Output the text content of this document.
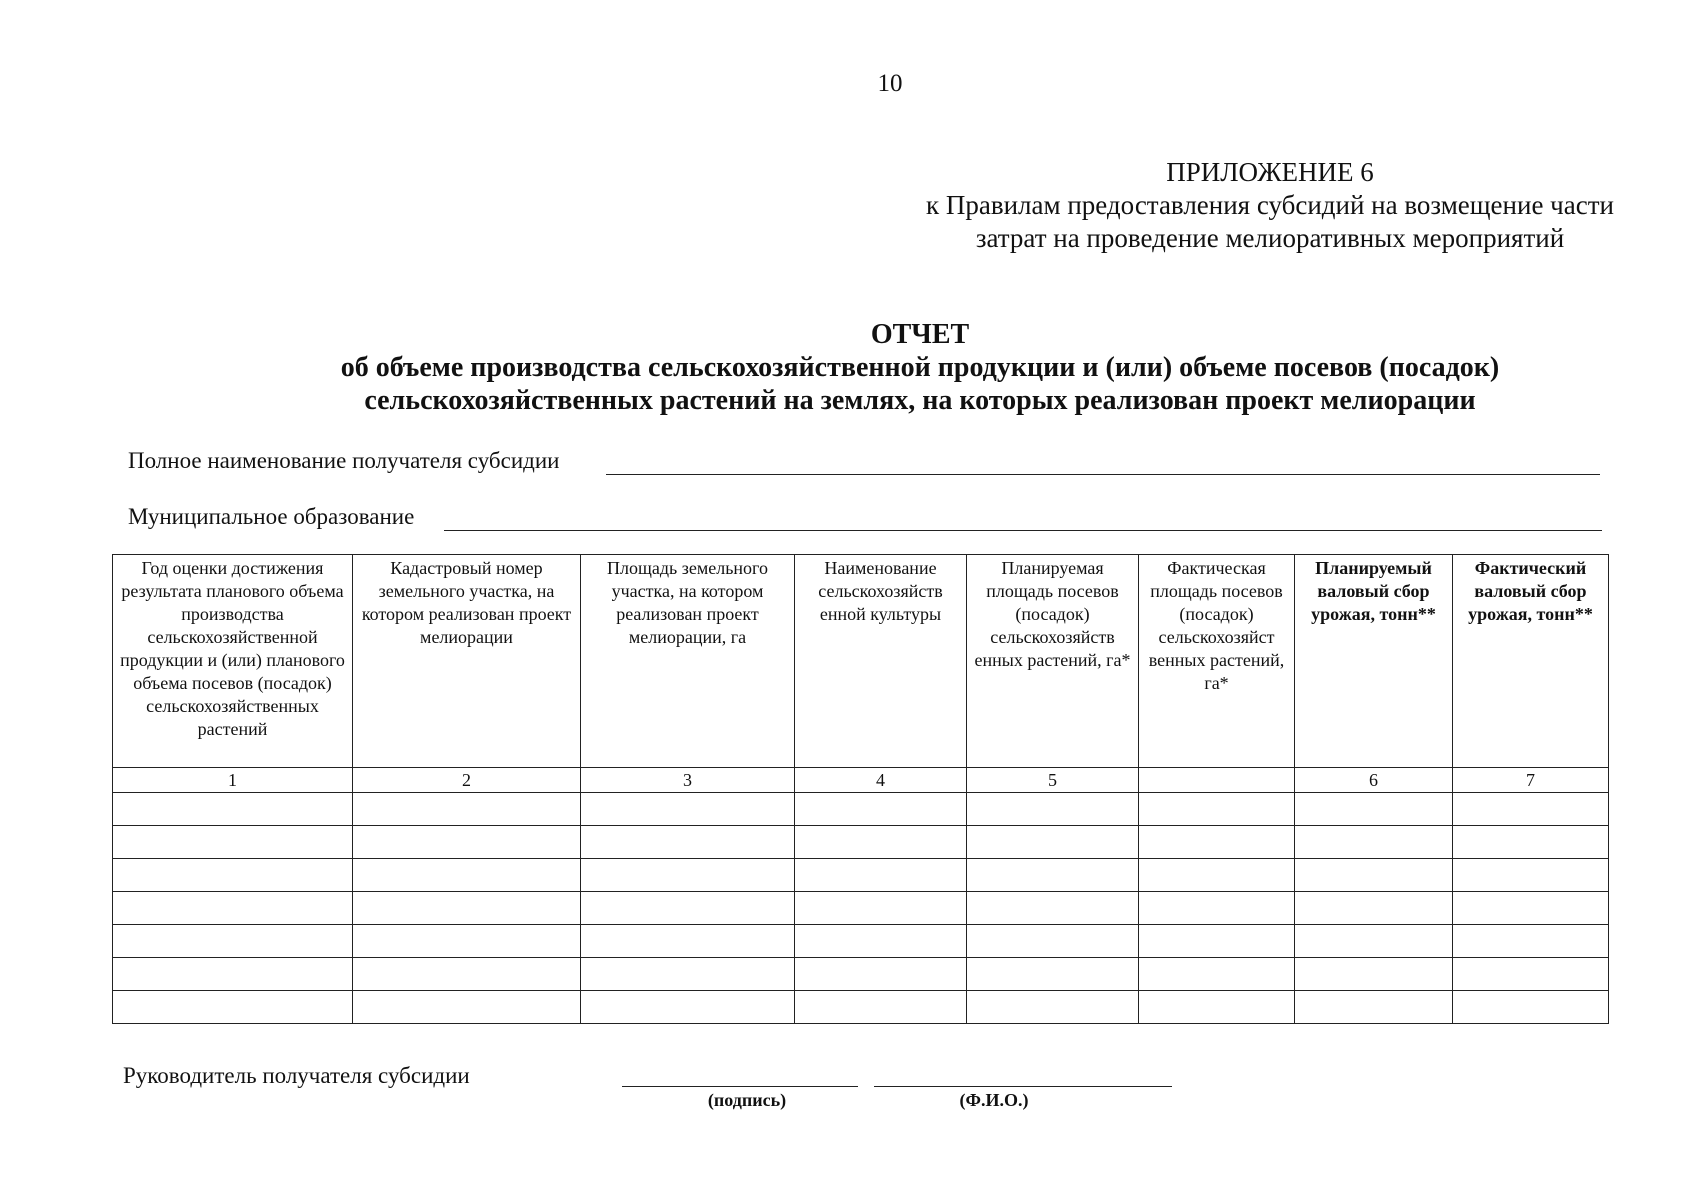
10
ПРИЛОЖЕНИЕ 6
к Правилам предоставления субсидий на возмещение части
затрат на проведение мелиоративных мероприятий
ОТЧЕТ
об объеме производства сельскохозяйственной продукции и (или) объеме посевов (посадок)
сельскохозяйственных растений на землях, на которых реализован проект мелиорации
Полное наименование получателя субсидии
Муниципальное образование
Год оценки достижения результата планового объема производства сельскохозяйственной продукции и (или) планового объема посевов (посадок) сельскохозяйственных растений	Кадастровый номер земельного участка, на котором реализован проект мелиорации	Площадь земельного участка, на котором реализован проект мелиорации, га	Наименование сельскохозяйств енной культуры	Планируемая площадь посевов (посадок) сельскохозяйств енных растений, га*	Фактическая площадь посевов (посадок) сельскохозяйст венных растений, га*	Планируемый валовый сбор урожая, тонн**	Фактический валовый сбор урожая, тонн**
1	2	3	4	5		6	7

Руководитель получателя субсидии
(подпись)	(Ф.И.О.)
